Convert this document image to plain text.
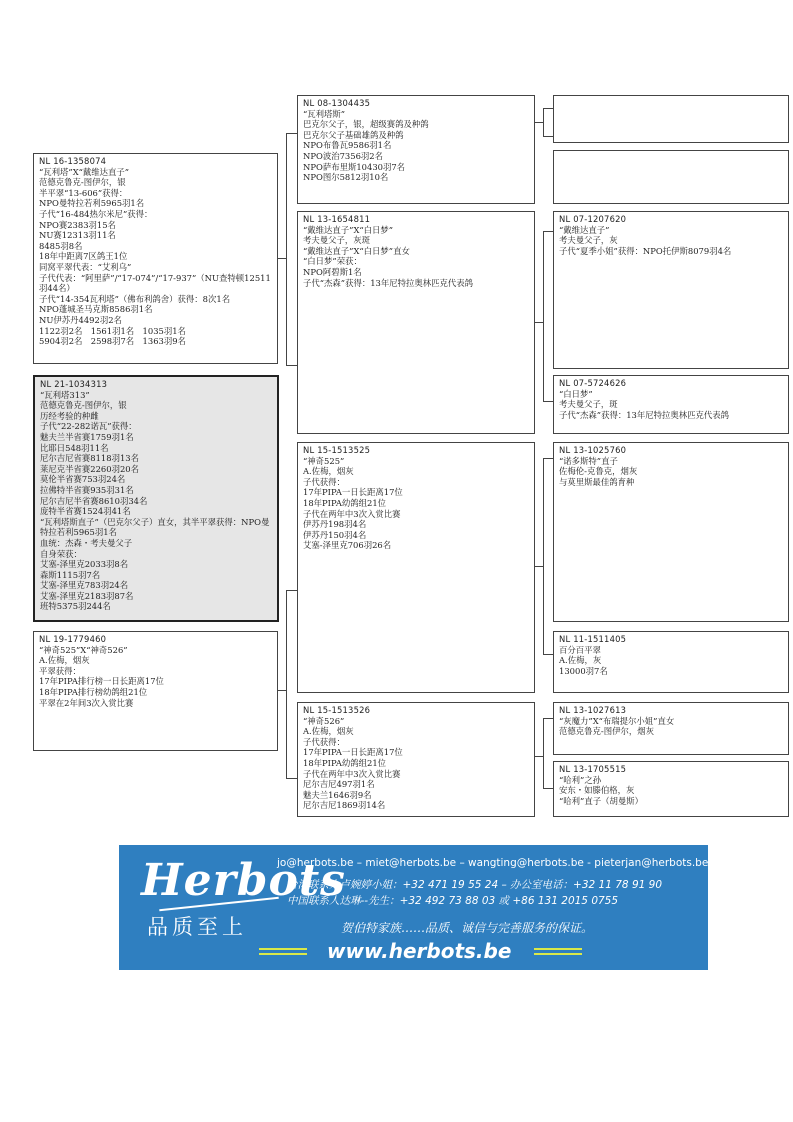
NL 16-1358074
“瓦利塔”X“戴维达直子”
范德克鲁克-图伊尔，银
半平翠“13-606”获得：
NPO曼特拉若利5965羽1名
子代“16-484热尔米尼”获得：
NPO赛2383羽15名
NU赛12313羽11名
8485羽8名
18年中距离7区鸽王1位
同窝平翠代表：“艾利乌”
子代代表：“阿里萨”/“17-074”/“17-937”（NU查特顿12511羽44名）
子代“14-354瓦利塔”（佛布利鸽舍）获得：8次1名
NPO蓬城圣马克斯8586羽1名
NU伊苏丹4492羽2名
1122羽2名　1561羽1名　1035羽1名
5904羽2名　2598羽7名　1363羽9名
NL 21-1034313
“瓦利塔313”
范德克鲁克-图伊尔，银
历经考验的种雌
子代“22-282诺瓦”获得：
魅夫兰半省赛1759羽1名
比耶日548羽11名
尼尔吉尼省赛8118羽13名
莱尼克半省赛2260羽20名
莫伦半省赛753羽24名
拉佛特半省赛935羽31名
尼尔吉尼半省赛8610羽34名
庞特半省赛1524羽41名
“瓦利塔斯直子”（巴克尔父子）直女，其半平翠获得：NPO曼特拉若利5965羽1名
血统：杰森・考夫曼父子
自身荣获：
艾塞-泽里克2033羽8名
森斯1115羽7名
艾塞-泽里克783羽24名
艾塞-泽里克2183羽87名
班特5375羽244名
NL 19-1779460
“神奇525”X“神奇526”
A.佐梅，烟灰
平翠获得：
17年PIPA排行榜一日长距离17位
18年PIPA排行榜幼鸽组21位
平翠在2年间3次入赏比赛
NL 08-1304435
“瓦利塔斯”
巴克尔父子，银，超级赛鸽及种鸽
巴克尔父子基础雄鸽及种鸽
NPO布鲁瓦9586羽1名
NPO波治7356羽2名
NPO萨布里斯10430羽7名
NPO图尔5812羽10名
NL 13-1654811
“戴维达直子”X“白日梦”
考夫曼父子，灰斑
“戴维达直子”X“白日梦”直女
“白日梦”荣获：
NPO阿碧斯1名
子代“杰森”获得：13年尼特拉奥林匹克代表鸽
NL 15-1513525
“神奇525”
A.佐梅，烟灰
子代获得：
17年PIPA一日长距离17位
18年PIPA幼鸽组21位
子代在两年中3次入赏比赛
伊苏丹198羽4名
伊苏丹150羽4名
艾塞-泽里克706羽26名
NL 15-1513526
“神奇526”
A.佐梅，烟灰
子代获得：
17年PIPA一日长距离17位
18年PIPA幼鸽组21位
子代在两年中3次入赏比赛
尼尔吉尼497羽1名
魅夫兰1646羽9名
尼尔吉尼1869羽14名
NL 07-1207620
“戴维达直子”
考夫曼父子，灰
子代“夏季小姐”获得：NPO托伊斯8079羽4名
NL 07-5724626
“白日梦”
考夫曼父子，斑
子代“杰森”获得：13年尼特拉奥林匹克代表鸽
NL 13-1025760
“诺多斯特”直子
佐梅伦-克鲁克，烟灰
与莫里斯最佳鸽育种
NL 11-1511405
百分百平翠
A.佐梅，灰
13000羽7名
NL 13-1027613
“灰魔力”X“布瑞提尔小姐”直女
范德克鲁克-图伊尔，烟灰
NL 13-1705515
“哈利”之孙
安东・如滕伯格，灰
“哈利”直子（胡曼斯）
Herbots
品质至上
jo@herbots.be – miet@herbots.be – wangting@herbots.be - pieterjan@herbots.be
台湾联系人卢婉婷小姐：+32 471 19 55 24 – 办公室电话：+32 11 78 91 90
中国联系人达琳--先生：+32 492 73 88 03 或 +86 131 2015 0755
贺伯特家族……品质、诚信与完善服务的保证。
www.herbots.be
